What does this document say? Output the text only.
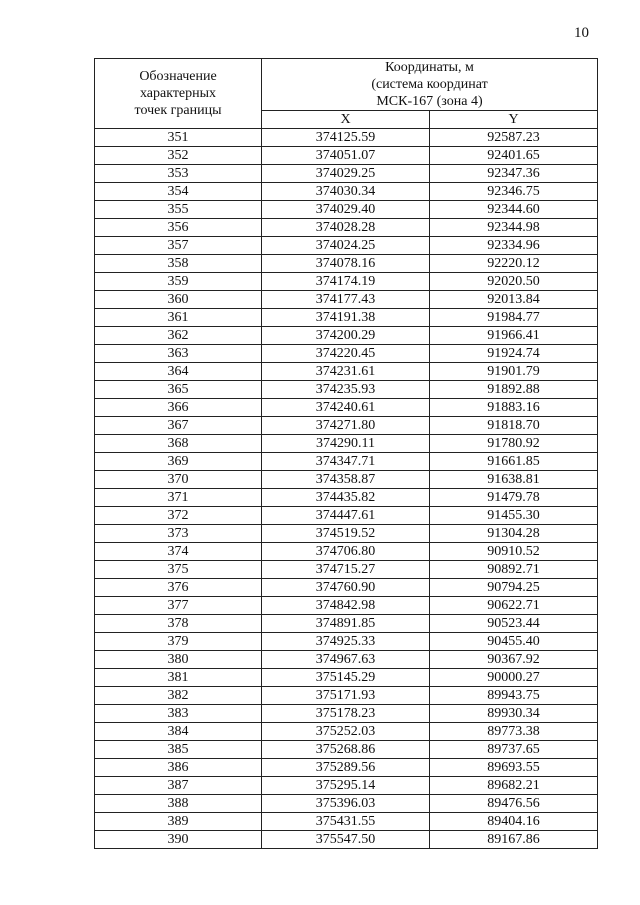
10
Обозначение
характерных
точек границы	Координаты, м
(система координат
МСК-167 (зона 4)	

	X	Y
351	374125.59	92587.23
352	374051.07	92401.65
353	374029.25	92347.36
354	374030.34	92346.75
355	374029.40	92344.60
356	374028.28	92344.98
357	374024.25	92334.96
358	374078.16	92220.12
359	374174.19	92020.50
360	374177.43	92013.84
361	374191.38	91984.77
362	374200.29	91966.41
363	374220.45	91924.74
364	374231.61	91901.79
365	374235.93	91892.88
366	374240.61	91883.16
367	374271.80	91818.70
368	374290.11	91780.92
369	374347.71	91661.85
370	374358.87	91638.81
371	374435.82	91479.78
372	374447.61	91455.30
373	374519.52	91304.28
374	374706.80	90910.52
375	374715.27	90892.71
376	374760.90	90794.25
377	374842.98	90622.71
378	374891.85	90523.44
379	374925.33	90455.40
380	374967.63	90367.92
381	375145.29	90000.27
382	375171.93	89943.75
383	375178.23	89930.34
384	375252.03	89773.38
385	375268.86	89737.65
386	375289.56	89693.55
387	375295.14	89682.21
388	375396.03	89476.56
389	375431.55	89404.16
390	375547.50	89167.86
